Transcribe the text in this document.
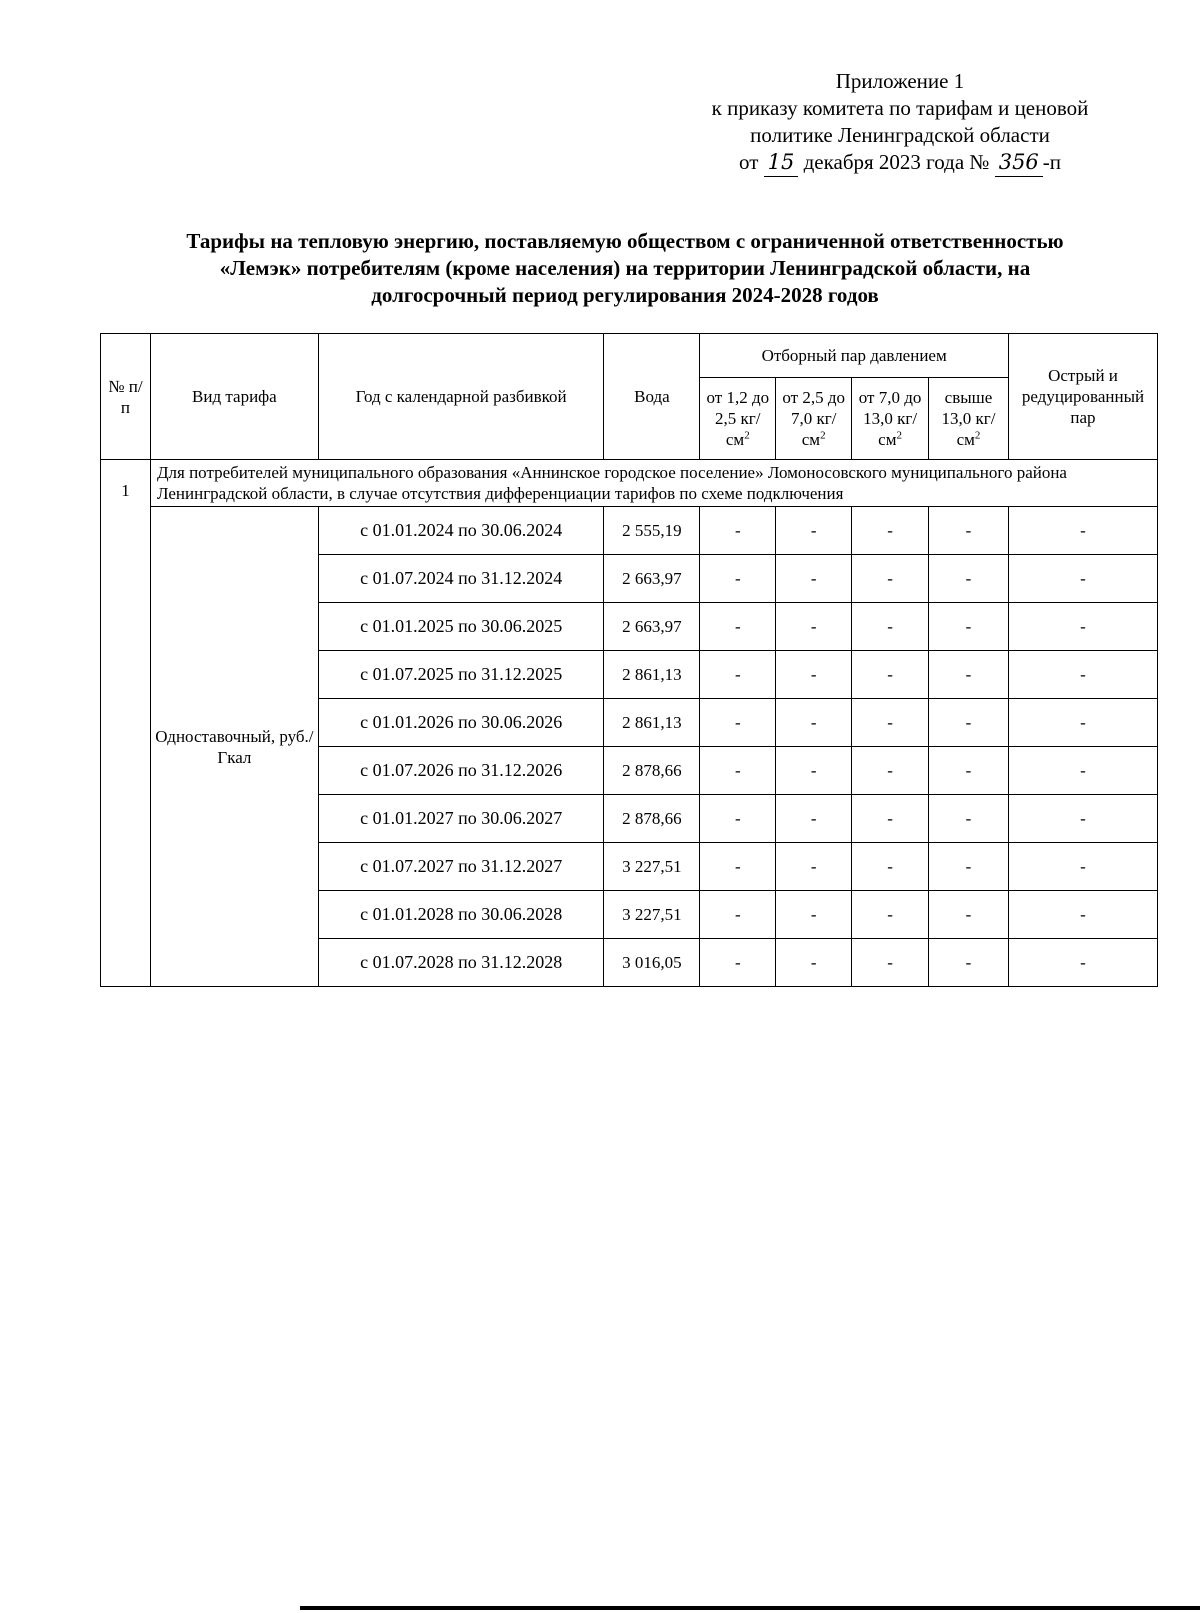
Приложение 1
к приказу комитета по тарифам и ценовой
политике Ленинградской области
от 15 декабря 2023 года № 356 -п
Тарифы на тепловую энергию, поставляемую обществом с ограниченной ответственностью
«Лемэк» потребителям (кроме населения) на территории Ленинградской области, на
долгосрочный период регулирования 2024-2028 годов
№ п/п	Вид тарифа	Год с календарной разбивкой	Вода	Отборный пар давлением				Острый и редуцированный пар
				от 1,2 до 2,5 $кг/см^2$	от 2,5 до 7,0 $кг/см^2$	от 7,0 до 13,0 $кг/см^2$	свыше 13,0 $кг/см^2$
1	Для потребителей муниципального образования «Аннинское городское поселение» Ломоносовского муниципального района Ленинградской области, в случае отсутствия дифференциации тарифов по схеме подключения							
	Одноставочный, руб./Гкал	с 01.01.2024 по 30.06.2024	2 555,19	-	-	-	-	-
		с 01.07.2024 по 31.12.2024	2 663,97	-	-	-	-	-
		с 01.01.2025 по 30.06.2025	2 663,97	-	-	-	-	-
		с 01.07.2025 по 31.12.2025	2 861,13	-	-	-	-	-
		с 01.01.2026 по 30.06.2026	2 861,13	-	-	-	-	-
		с 01.07.2026 по 31.12.2026	2 878,66	-	-	-	-	-
		с 01.01.2027 по 30.06.2027	2 878,66	-	-	-	-	-
		с 01.07.2027 по 31.12.2027	3 227,51	-	-	-	-	-
		с 01.01.2028 по 30.06.2028	3 227,51	-	-	-	-	-
		с 01.07.2028 по 31.12.2028	3 016,05	-	-	-	-	-
